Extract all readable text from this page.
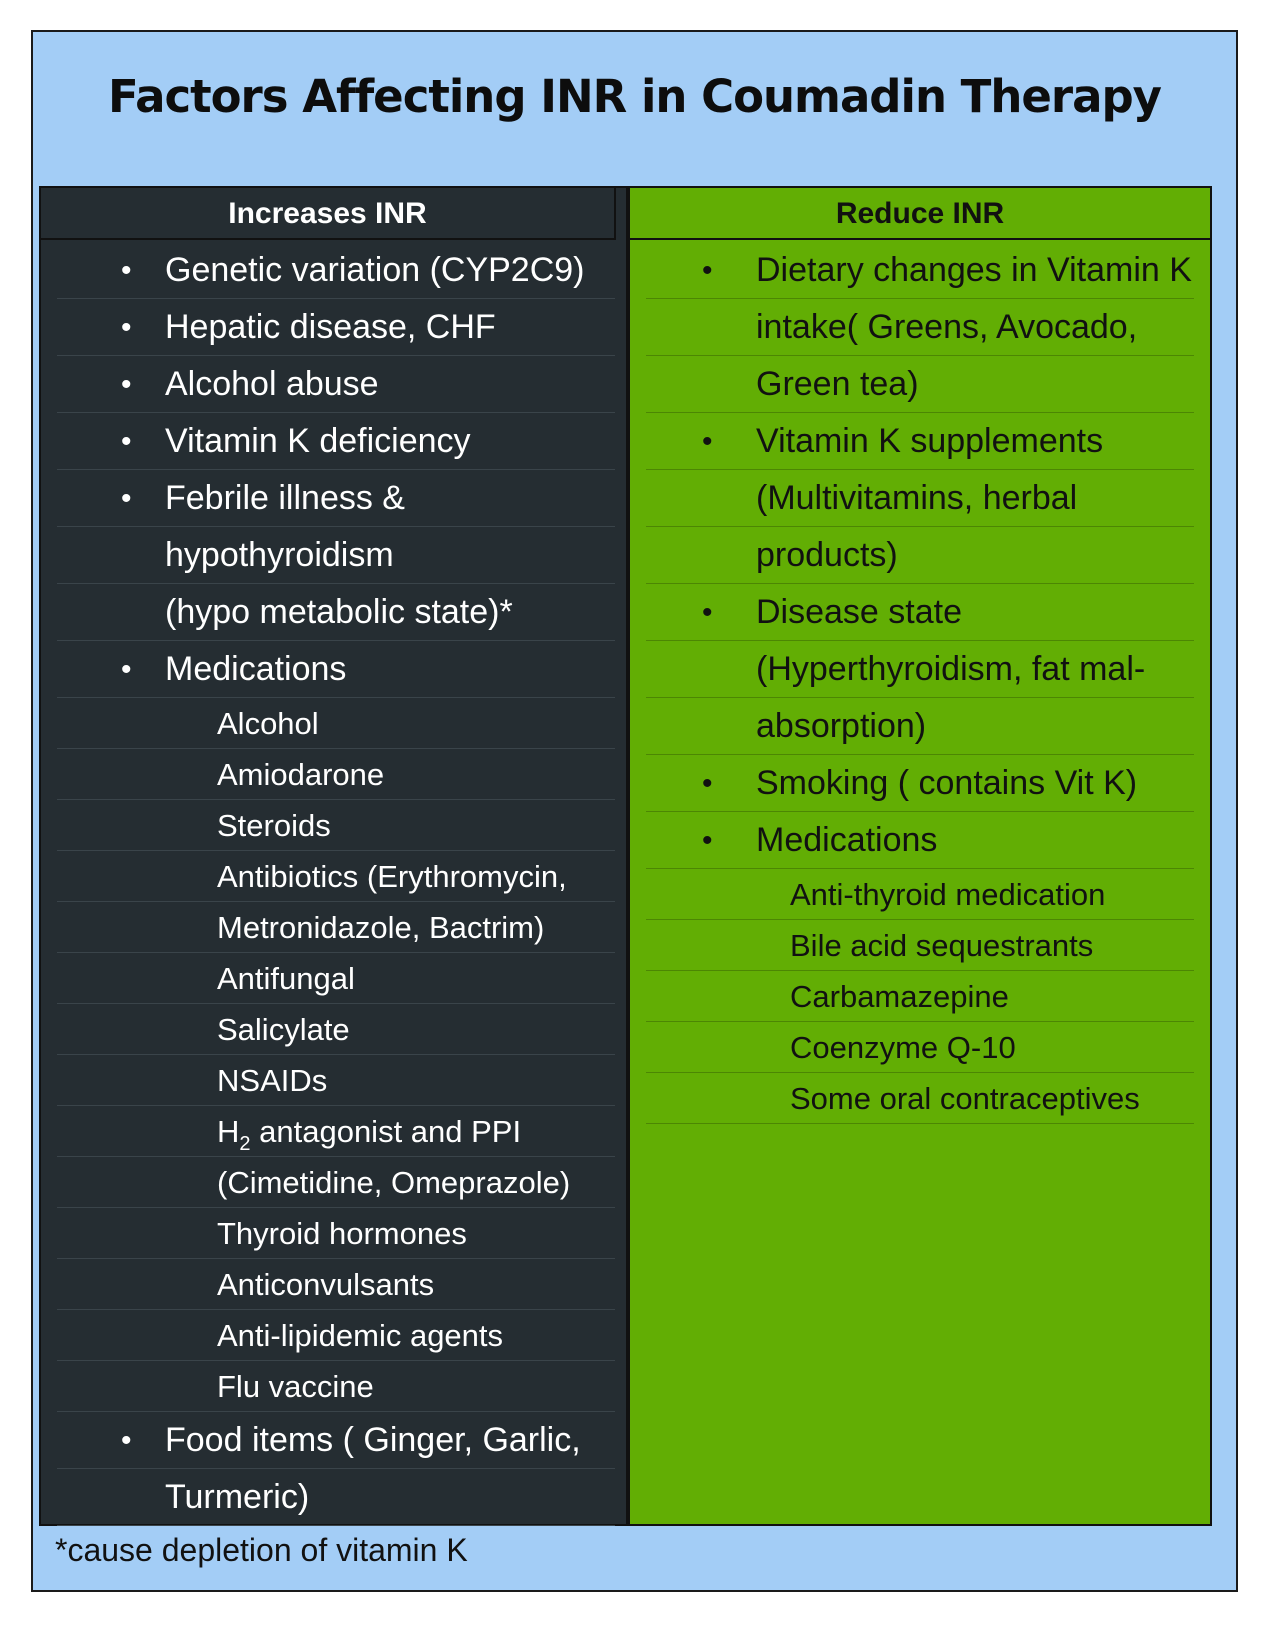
Factors Affecting INR in Coumadin Therapy
Increases INR
• Genetic variation (CYP2C9)
• Hepatic disease, CHF
• Alcohol abuse
• Vitamin K deficiency
• Febrile illness &
hypothyroidism
(hypo metabolic state)*
• Medications
Alcohol
Amiodarone
Steroids
Antibiotics (Erythromycin,
Metronidazole, Bactrim)
Antifungal
Salicylate
NSAIDs
H2 antagonist and PPI
(Cimetidine, Omeprazole)
Thyroid hormones
Anticonvulsants
Anti-lipidemic agents
Flu vaccine
• Food items ( Ginger, Garlic,
Turmeric)
Reduce INR
• Dietary changes in Vitamin K
intake( Greens, Avocado,
Green tea)
• Vitamin K supplements
(Multivitamins, herbal
products)
• Disease state
(Hyperthyroidism, fat mal-
absorption)
• Smoking ( contains Vit K)
• Medications
Anti-thyroid medication
Bile acid sequestrants
Carbamazepine
Coenzyme Q-10
Some oral contraceptives
*cause depletion of vitamin K
